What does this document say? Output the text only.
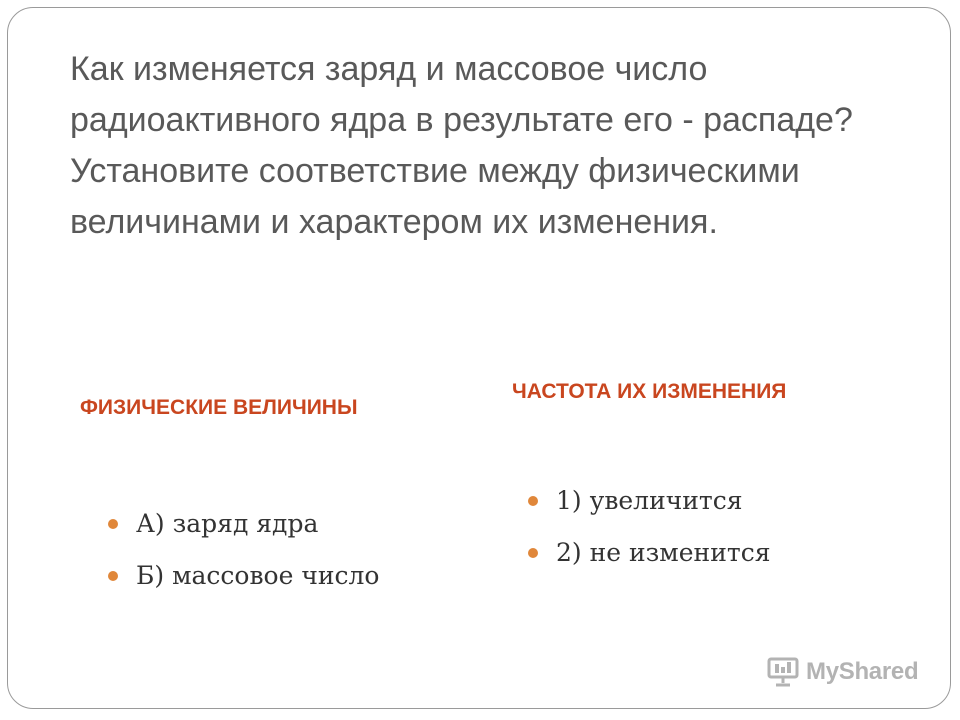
Как изменяется заряд и массовое число радиоактивного ядра в результате его - распаде? Установите соответствие между физическими величинами и характером их изменения.
ФИЗИЧЕСКИЕ ВЕЛИЧИНЫ
ЧАСТОТА ИХ ИЗМЕНЕНИЯ
А) заряд ядра
Б) массовое число
1) увеличится
2) не изменится
MyShared
